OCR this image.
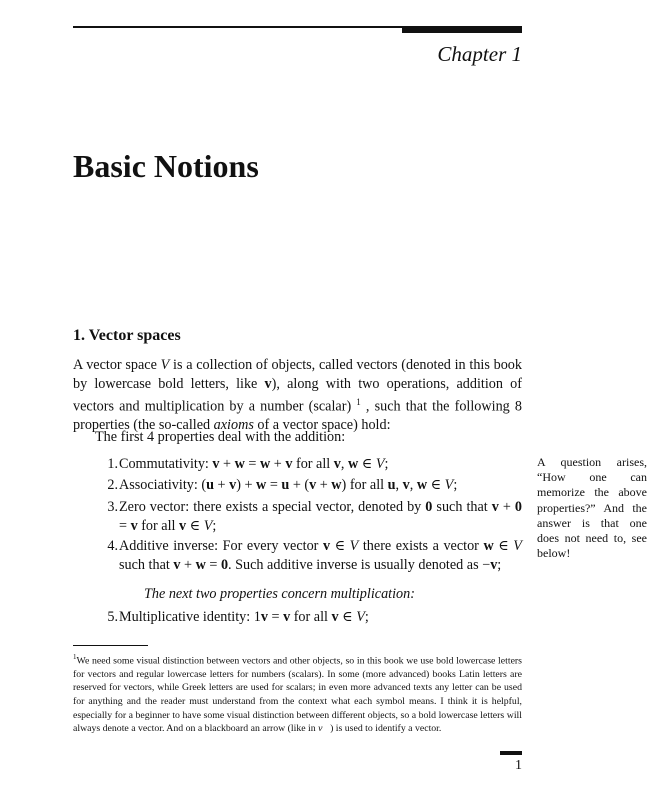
Chapter 1
Basic Notions
1. Vector spaces
A vector space V is a collection of objects, called vectors (denoted in this book by lowercase bold letters, like v), along with two operations, addition of vectors and multiplication by a number (scalar) $^1$ , such that the following 8 properties (the so-called axioms of a vector space) hold:
The first 4 properties deal with the addition:
1. Commutativity: v + w = w + v for all v, w ∈ V;
2. Associativity: (u + v) + w = u + (v + w) for all u, v, w ∈ V;
3. Zero vector: there exists a special vector, denoted by 0 such that v + 0 = v for all v ∈ V;
4. Additive inverse: For every vector v ∈ V there exists a vector w ∈ V such that v + w = 0. Such additive inverse is usually denoted as −v;
The next two properties concern multiplication:
5. Multiplicative identity: 1v = v for all v ∈ V;
A question arises, “How one can memorize the above properties?” And the answer is that one does not need to, see below!
$^1$We need some visual distinction between vectors and other objects, so in this book we use bold lowercase letters for vectors and regular lowercase letters for numbers (scalars). In some (more advanced) books Latin letters are reserved for vectors, while Greek letters are used for scalars; in even more advanced texts any letter can be used for anything and the reader must understand from the context what each symbol means. I think it is helpful, especially for a beginner to have some visual distinction between different objects, so a bold lowercase letters will always denote a vector. And on a blackboard an arrow (like in v⃗) is used to identify a vector.
1
